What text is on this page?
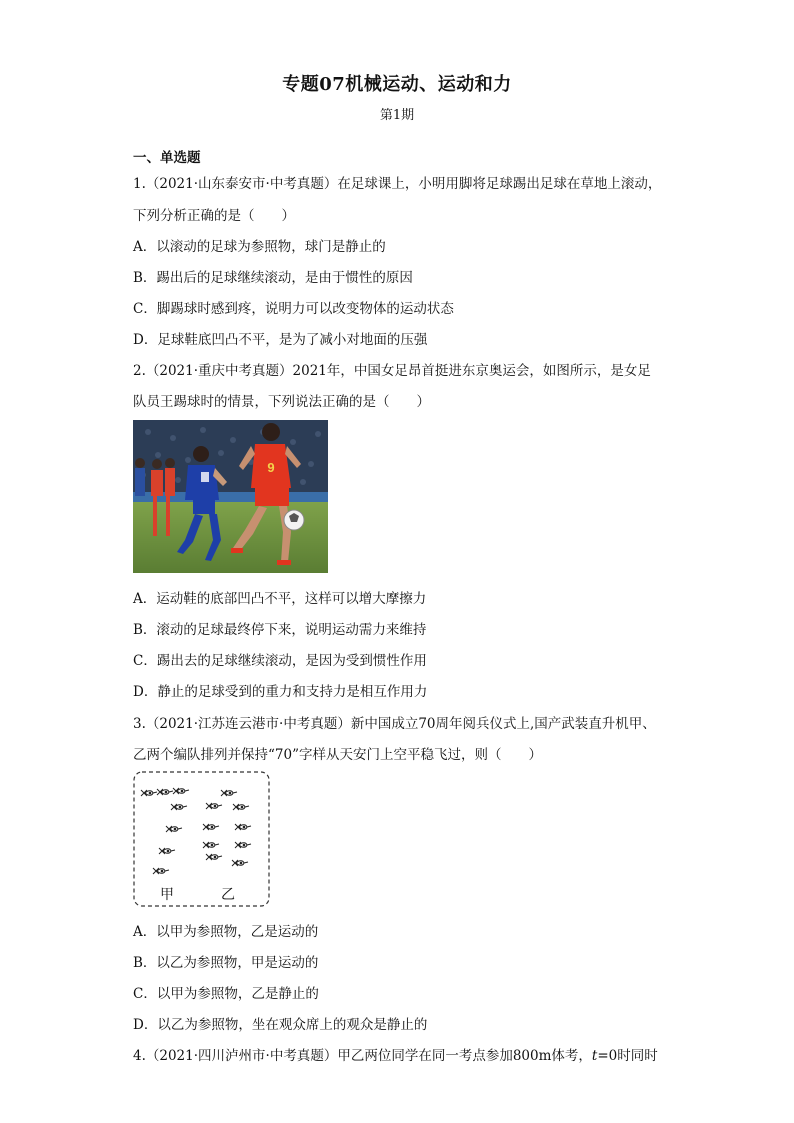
专题07机械运动、运动和力
第1期
一、单选题
1.（2021·山东泰安市·中考真题）在足球课上，小明用脚将足球踢出足球在草地上滚动，
下列分析正确的是（　　）
A．以滚动的足球为参照物，球门是静止的
B．踢出后的足球继续滚动，是由于惯性的原因
C．脚踢球时感到疼，说明力可以改变物体的运动状态
D．足球鞋底凹凸不平，是为了减小对地面的压强
2.（2021·重庆中考真题）2021年，中国女足昂首挺进东京奥运会，如图所示，是女足
队员王踢球时的情景，下列说法正确的是（　　）
9
A．运动鞋的底部凹凸不平，这样可以增大摩擦力
B．滚动的足球最终停下来，说明运动需力来维持
C．踢出去的足球继续滚动，是因为受到惯性作用
D．静止的足球受到的重力和支持力是相互作用力
3.（2021·江苏连云港市·中考真题）新中国成立70周年阅兵仪式上,国产武装直升机甲、
乙两个编队排列并保持“70”字样从天安门上空平稳飞过，则（　　）
甲	乙
A．以甲为参照物，乙是运动的
B．以乙为参照物，甲是运动的
C．以甲为参照物，乙是静止的
D．以乙为参照物，坐在观众席上的观众是静止的
4.（2021·四川泸州市·中考真题）甲乙两位同学在同一考点参加800m体考，t=0时同时
